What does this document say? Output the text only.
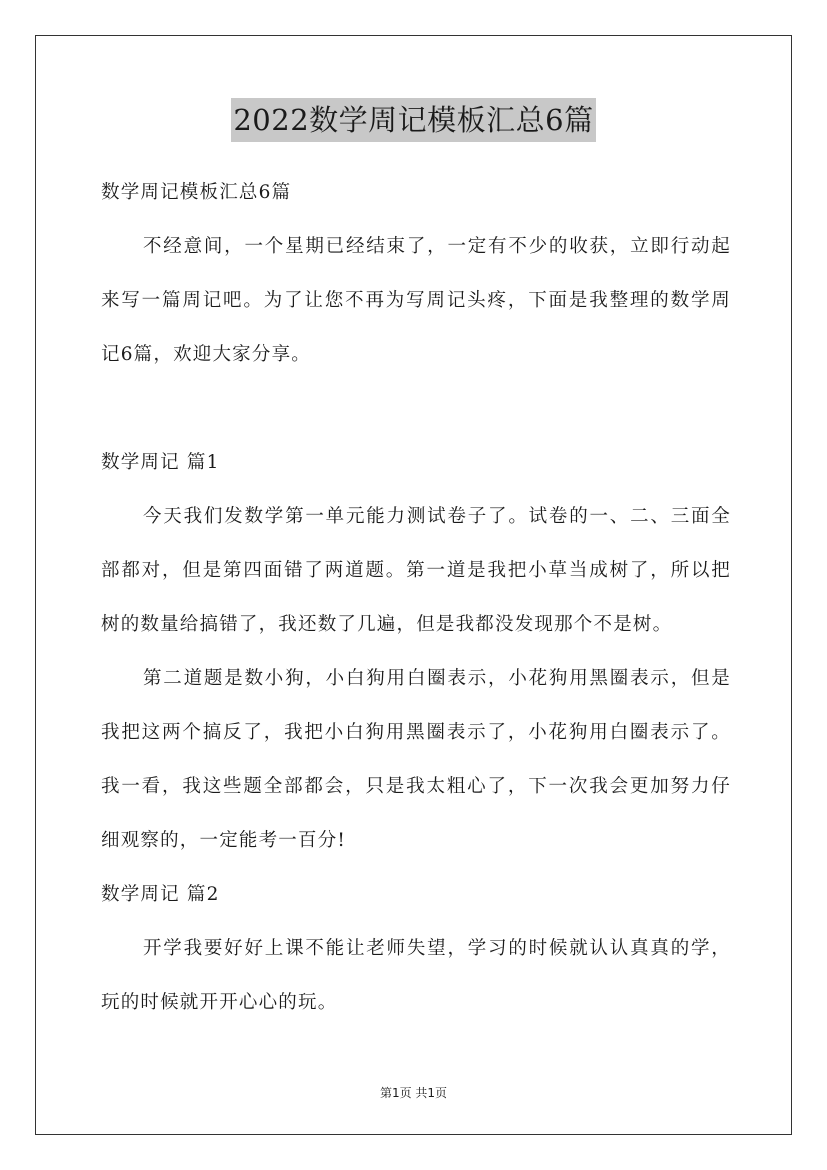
2022数学周记模板汇总6篇

数学周记模板汇总6篇

不经意间，一个星期已经结束了，一定有不少的收获，立即行动起来写一篇周记吧。为了让您不再为写周记头疼，下面是我整理的数学周记6篇，欢迎大家分享。

数学周记 篇1

今天我们发数学第一单元能力测试卷子了。试卷的一、二、三面全部都对，但是第四面错了两道题。第一道是我把小草当成树了，所以把树的数量给搞错了，我还数了几遍，但是我都没发现那个不是树。

第二道题是数小狗，小白狗用白圈表示，小花狗用黑圈表示，但是我把这两个搞反了，我把小白狗用黑圈表示了，小花狗用白圈表示了。我一看，我这些题全部都会，只是我太粗心了，下一次我会更加努力仔细观察的，一定能考一百分!

数学周记 篇2

开学我要好好上课不能让老师失望，学习的时候就认认真真的学，玩的时候就开开心心的玩。

第1页 共1页
